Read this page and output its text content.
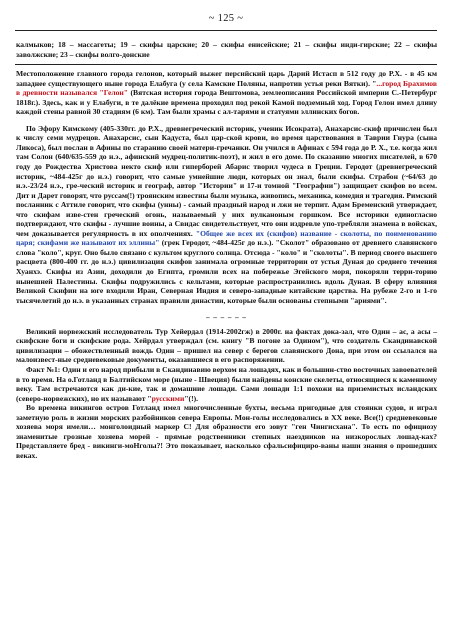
~ 125 ~

калмыков; 18 – массагеты; 19 – скифы царские; 20 – скифы енисейские; 21 – скифы инди-гирские; 22 – скифы заволжские; 23 – скифы волго-донские

Местоположение главного города гелонов, который выжег персийский царь Дарий Истасп в 512 году до Р.Х. - в 45 км западнее существующего ныне города Елабуга (у села Камские Поляны, напротив устья реки Вятки). "...город Брахимов в древности назывался "Гелон" (Вятская история города Вештомова, землеописания Российской империи С.-Петербург 1818г.). Здесь, как и у Елабуги, в те далёкие времена проходил под рекой Камой подземный ход. Город Гелон имел длину каждой стены равной 30 стадиям (6 км). Там были храмы с ал-тарями и статуями эллинских богов.

По Эфору Кимскому (405-330гг. до Р.Х., древнегреческий историк, ученик Исократа), Анахарсис-скиф причислен был к числу семи мудрецов. Анахарсис, сын Кадуста, был цар-ской крови, во время царствования в Таврии Гнура (сына Ликоса), был послан в Афины по старанию своей матери-гречанки. Он учился в Афинах с 594 года до Р. Х., т.е. когда жил там Солон (640/635-559 до н.э., афинский мудрец-политик-поэт), и жил в его доме. По сказанию многих писателей, в 670 году до Рождества Христова некто скиф или гиперборей Абарис творил чудеса в Греции. Геродот (древнегреческий историк, ~484-425г до н.э.) говорит, что самые умнейшие люди, которых он знал, были скифы. Страбон (~64/63 до н.э.-23/24 н.э., гре-ческий историк и географ, автор "Истории" и 17-и томной "Географии") защищает скифов во всем. Дит и Дарет говорят, что руссам(!) троянским известны были музыка, живопись, механика, комедия и трагедия. Римский посланник с Аттиле говорит, что скифы (унны) - самый праздный народ и лжи не терпит. Адам Бременский утверждает, что скифам изве-стен греческий огонь, называемый у них вулканоным горшком. Все историки единогласно подтверждают, что скифы - лучшие воины, а Свидас свидетельствует, что они издревле упо-требляли знамена в войсках, чем доказывается регулярность в их ополчениях. "Общее же всех их (скифов) название - сколоты, по поименованию царя; скифами же называют их эллины" (грек Геродот, ~484-425г до н.э.). "Сколот" образовано от древнего славянского слова "коло", круг. Оно было связано с культом круглого солнца. Отсюда - "коло" и "сколоты". В период своего высшего расцвета (800-400 гг. до н.э.) цивилизация скифов занимала огромные территории от устья Дуная до среднего течения Хуанхэ. Скифы из Азии, доходили до Египта, громили всех на побережье Эгейского моря, покоряли терри-торию нынешней Палестины. Скифы подружились с кельтами, которые распространились вдоль Дуная. В сферу влияния Великой Скифии на юге входили Иран, Северная Индия и северо-западные китайские царства. На рубеже 2-го и 1-го тысячелетий до н.э. в указанных странах правили династии, которые были основаны степными "ариями".

_ _ _ _ _ _

Великий норвежский исследователь Тур Хейердал (1914-2002гж) в 2000г. на фактах дока-зал, что Один – ас, а асы – скифские боги и скифские рода. Хейрдал утверждал (см. книгу "В погоне за Одином"), что создатель Скандинавской цивилизации – обожествленный вождь Один – пришел на север с берегов славянского Дона, при этом он ссылался на малоизвест-ные средневековые документы, оказавшиеся в его распоряжении.

Факт №1: Один и его народ прибыли в Скандинавию верхом на лошадях, как и большин-ство восточных завоевателей в то время. На о.Готланд в Балтийском море (ныне - Швеция) были найдены конские скелеты, относящиеся к каменному веку. Там встречаются как ди-кие, так и домашние лошади. Сами лошади 1:1 похожи на приземистых исландских (северо-норвежских), но их называют "русскими"(!).

Во времена викингов остров Готланд имел многочисленные бухты, весьма пригодные для стоянки судов, и играл заметную роль в жизни морских разбойников севера Европы. Мон-голы исследовались в ХХ веке. Все(!) средневековые хозяева моря имели… монголоидный маркер С! Для образности его зовут "ген Чингисхана". То есть по официозу знаменитые грозные хозяева морей - прямые родственники степных наездников на низкорослых лошад-ках? Представляете бред - викинги-моНголы?! Это показывает, насколько сфальсифициро-ваны наши знания о прошедших веках.
